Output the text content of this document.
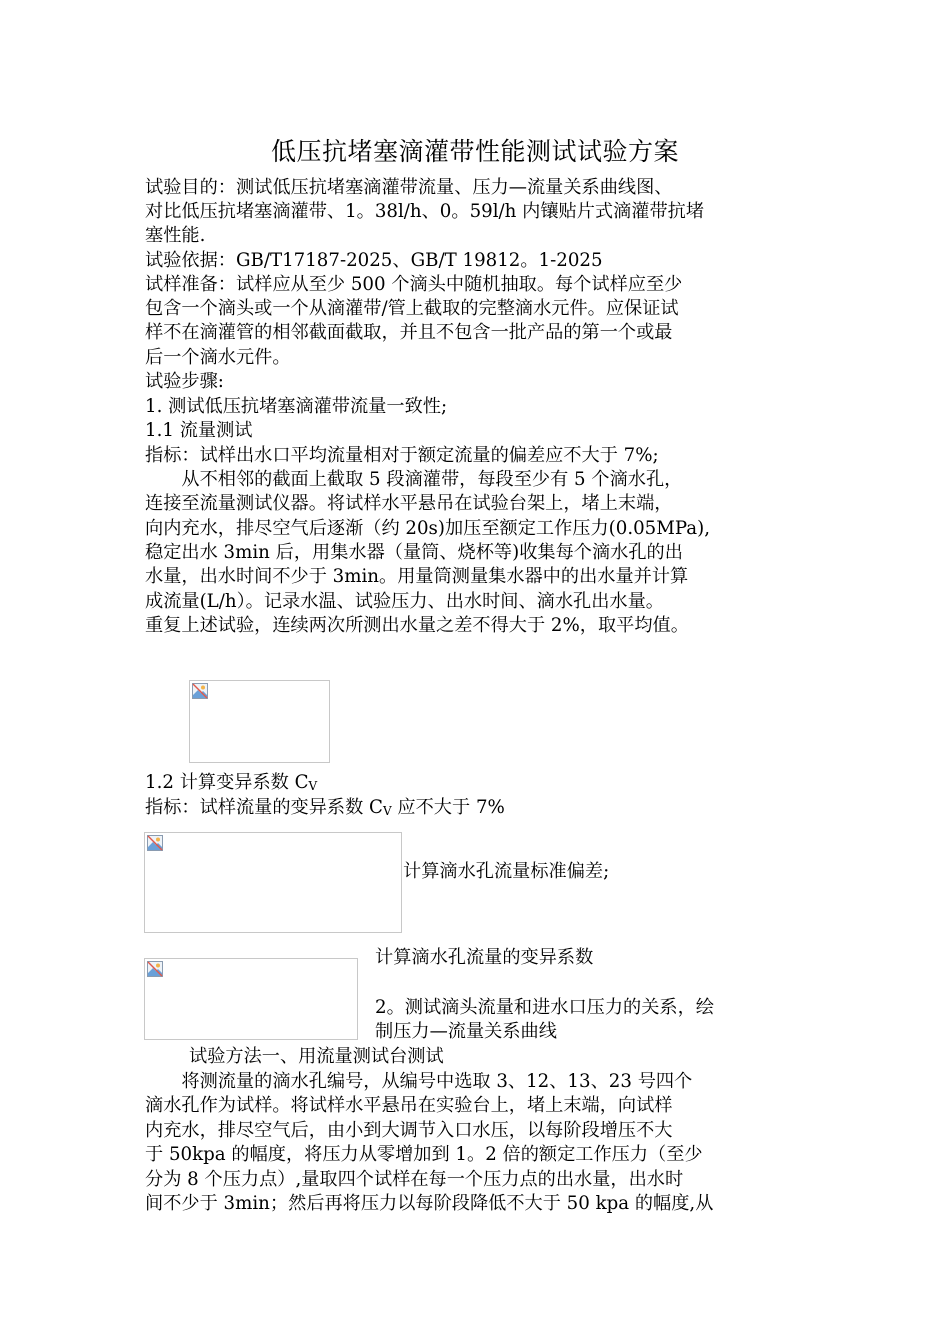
低压抗堵塞滴灌带性能测试试验方案
试验目的：测试低压抗堵塞滴灌带流量、压力—流量关系曲线图、
对比低压抗堵塞滴灌带、1。38l/h、0。59l/h 内镶贴片式滴灌带抗堵
塞性能.
试验依据：GB/T17187-2025、GB/T 19812。1-2025
试样准备：试样应从至少 500 个滴头中随机抽取。每个试样应至少
包含一个滴头或一个从滴灌带/管上截取的完整滴水元件。应保证试
样不在滴灌管的相邻截面截取，并且不包含一批产品的第一个或最
后一个滴水元件。
试验步骤:
1. 测试低压抗堵塞滴灌带流量一致性;
1.1 流量测试
指标：试样出水口平均流量相对于额定流量的偏差应不大于 7%;
　　从不相邻的截面上截取 5 段滴灌带，每段至少有 5 个滴水孔，
连接至流量测试仪器。将试样水平悬吊在试验台架上，堵上末端，
向内充水，排尽空气后逐渐（约 20s)加压至额定工作压力(0.05MPa),
稳定出水 3min 后，用集水器（量筒、烧杯等)收集每个滴水孔的出
水量，出水时间不少于 3min。用量筒测量集水器中的出水量并计算
成流量(L/h）。记录水温、试验压力、出水时间、滴水孔出水量。
重复上述试验，连续两次所测出水量之差不得大于 2%，取平均值。
1.2 计算变异系数 CV
指标：试样流量的变异系数 CV 应不大于 7%
计算滴水孔流量标准偏差;
计算滴水孔流量的变异系数
2。测试滴头流量和进水口压力的关系，绘
制压力—流量关系曲线
试验方法一、用流量测试台测试
　　将测流量的滴水孔编号，从编号中选取 3、12、13、23 号四个
滴水孔作为试样。将试样水平悬吊在实验台上，堵上末端，向试样
内充水，排尽空气后，由小到大调节入口水压，以每阶段增压不大
于 50kpa 的幅度，将压力从零增加到 1。2 倍的额定工作压力（至少
分为 8 个压力点）,量取四个试样在每一个压力点的出水量，出水时
间不少于 3min；然后再将压力以每阶段降低不大于 50 kpa 的幅度,从
